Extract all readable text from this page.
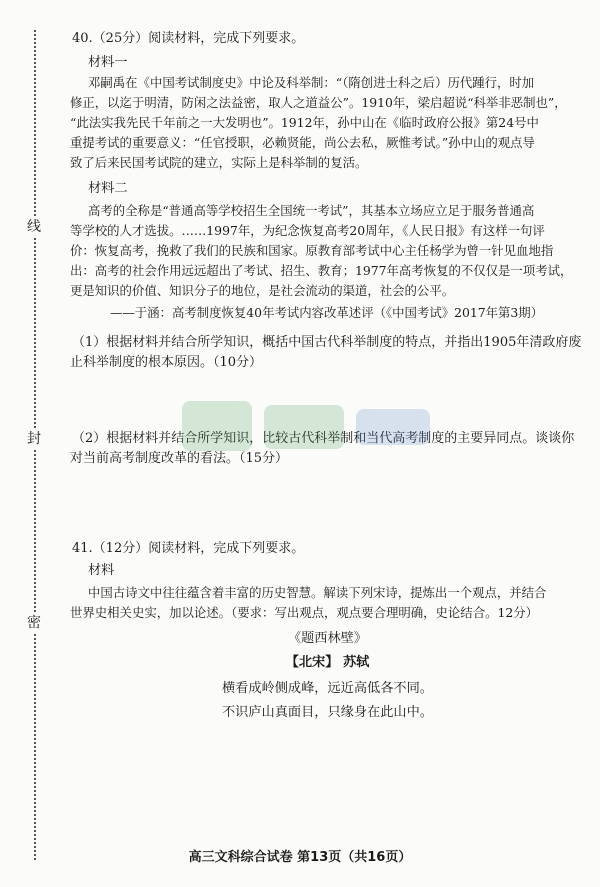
线
封
密
40.（25分）阅读材料，完成下列要求。
材料一
邓嗣禹在《中国考试制度史》中论及科举制：“（隋创进士科之后）历代踵行，时加
修正，以迄于明清，防闲之法益密，取人之道益公”。1910年，梁启超说“科举非恶制也”，
“此法实我先民千年前之一大发明也”。1912年，孙中山在《临时政府公报》第24号中
重提考试的重要意义：“任官授职，必赖贤能，尚公去私，厥惟考试。”孙中山的观点导
致了后来民国考试院的建立，实际上是科举制的复活。
材料二
高考的全称是“普通高等学校招生全国统一考试”，其基本立场应立足于服务普通高
等学校的人才选拔。……1997年，为纪念恢复高考20周年，《人民日报》有这样一句评
价：恢复高考，挽救了我们的民族和国家。原教育部考试中心主任杨学为曾一针见血地指
出：高考的社会作用远远超出了考试、招生、教育；1977年高考恢复的不仅仅是一项考试，
更是知识的价值、知识分子的地位，是社会流动的渠道，社会的公平。
——于涵：高考制度恢复40年考试内容改革述评（《中国考试》2017年第3期）
（1）根据材料并结合所学知识，概括中国古代科举制度的特点，并指出1905年清政府废
止科举制度的根本原因。（10分）
（2）根据材料并结合所学知识，比较古代科举制和当代高考制度的主要异同点。谈谈你
对当前高考制度改革的看法。（15分）
41.（12分）阅读材料，完成下列要求。
材料
中国古诗文中往往蕴含着丰富的历史智慧。解读下列宋诗，提炼出一个观点，并结合
世界史相关史实，加以论述。（要求：写出观点，观点要合理明确，史论结合。12分）
《题西林壁》
【北宋】 苏轼
横看成岭侧成峰，远近高低各不同。
不识庐山真面目，只缘身在此山中。
高三文科综合试卷 第13页（共16页）
